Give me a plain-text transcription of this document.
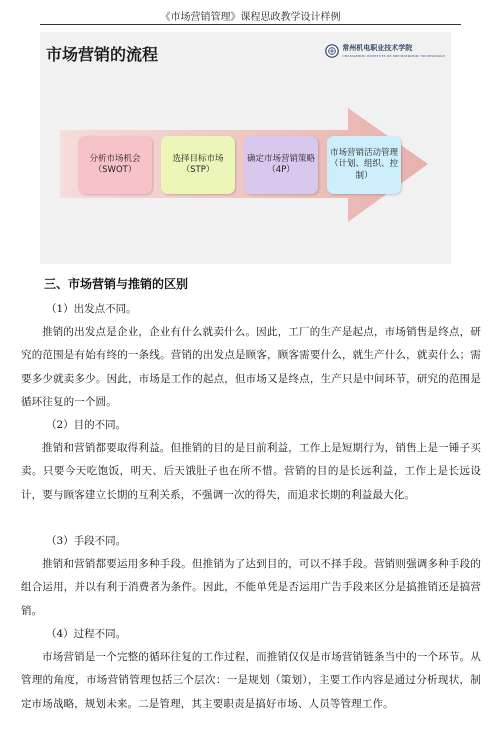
《市场营销管理》课程思政教学设计样例
市场营销的流程	常州机电职业技术学院
CHANGZHOU INSTITUTE OF MECHATRONIC TECHNOLOGY
分析市场机会（SWOT）
选择目标市场（STP）
确定市场营销策略（4P）
市场营销活动管理（计划、组织、控制）
三、市场营销与推销的区别

（1）出发点不同。

推销的出发点是企业，企业有什么就卖什么。因此，工厂的生产是起点，市场销售是终点，研究的范围是有始有终的一条线。营销的出发点是顾客，顾客需要什么，就生产什么，就卖什么；需要多少就卖多少。因此，市场是工作的起点，但市场又是终点，生产只是中间环节，研究的范围是循环往复的一个圆。

（2）目的不同。

推销和营销都要取得利益。但推销的目的是目前利益，工作上是短期行为，销售上是一锤子买卖。只要今天吃饱饭，明天、后天饿肚子也在所不惜。营销的目的是长远利益，工作上是长远设计，要与顾客建立长期的互利关系，不强调一次的得失，而追求长期的利益最大化。

（3）手段不同。

推销和营销都要运用多种手段。但推销为了达到目的，可以不择手段。营销则强调多种手段的组合运用，并以有利于消费者为条件。因此，不能单凭是否运用广告手段来区分是搞推销还是搞营销。

（4）过程不同。

市场营销是一个完整的循环往复的工作过程，而推销仅仅是市场营销链条当中的一个环节。从管理的角度，市场营销管理包括三个层次：一是规划（策划），主要工作内容是通过分析现状，制定市场战略，规划未来。二是管理，其主要职责是搞好市场、人员等管理工作。
